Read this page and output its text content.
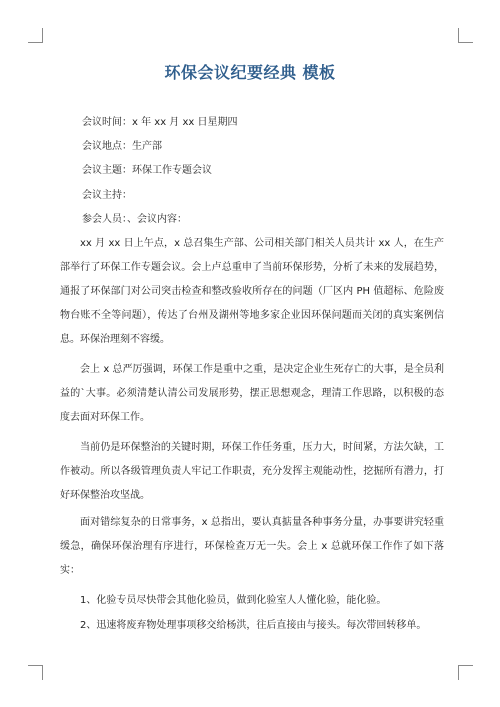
环保会议纪要经典 模板
会议时间：x 年 xx 月 xx 日星期四
会议地点：生产部
会议主题：环保工作专题会议
会议主持：
参会人员：、会议内容：

xx 月 xx 日上午点，x 总召集生产部、公司相关部门相关人员共计 xx 人，在生产部举行了环保工作专题会议。会上卢总重申了当前环保形势，分析了未来的发展趋势，通报了环保部门对公司突击检查和整改验收所存在的问题（厂区内 PH 值超标、危险废物台账不全等问题），传达了台州及湖州等地多家企业因环保问题而关闭的真实案例信息。环保治理刻不容缓。

会上 x 总严厉强调，环保工作是重中之重，是决定企业生死存亡的大事，是全员利益的`大事。必须清楚认清公司发展形势，摆正思想观念，理清工作思路，以积极的态度去面对环保工作。

当前仍是环保整治的关键时期，环保工作任务重，压力大，时间紧，方法欠缺，工作被动。所以各级管理负责人牢记工作职责，充分发挥主观能动性，挖掘所有潜力，打好环保整治攻坚战。

面对错综复杂的日常事务，x 总指出，要认真掂量各种事务分量，办事要讲究轻重缓急，确保环保治理有序进行，环保检查万无一失。会上 x 总就环保工作作了如下落实：

1、化验专员尽快带会其他化验员，做到化验室人人懂化验，能化验。

2、迅速将废弃物处理事项移交给杨洪，往后直接由与接头。每次带回转移单。
